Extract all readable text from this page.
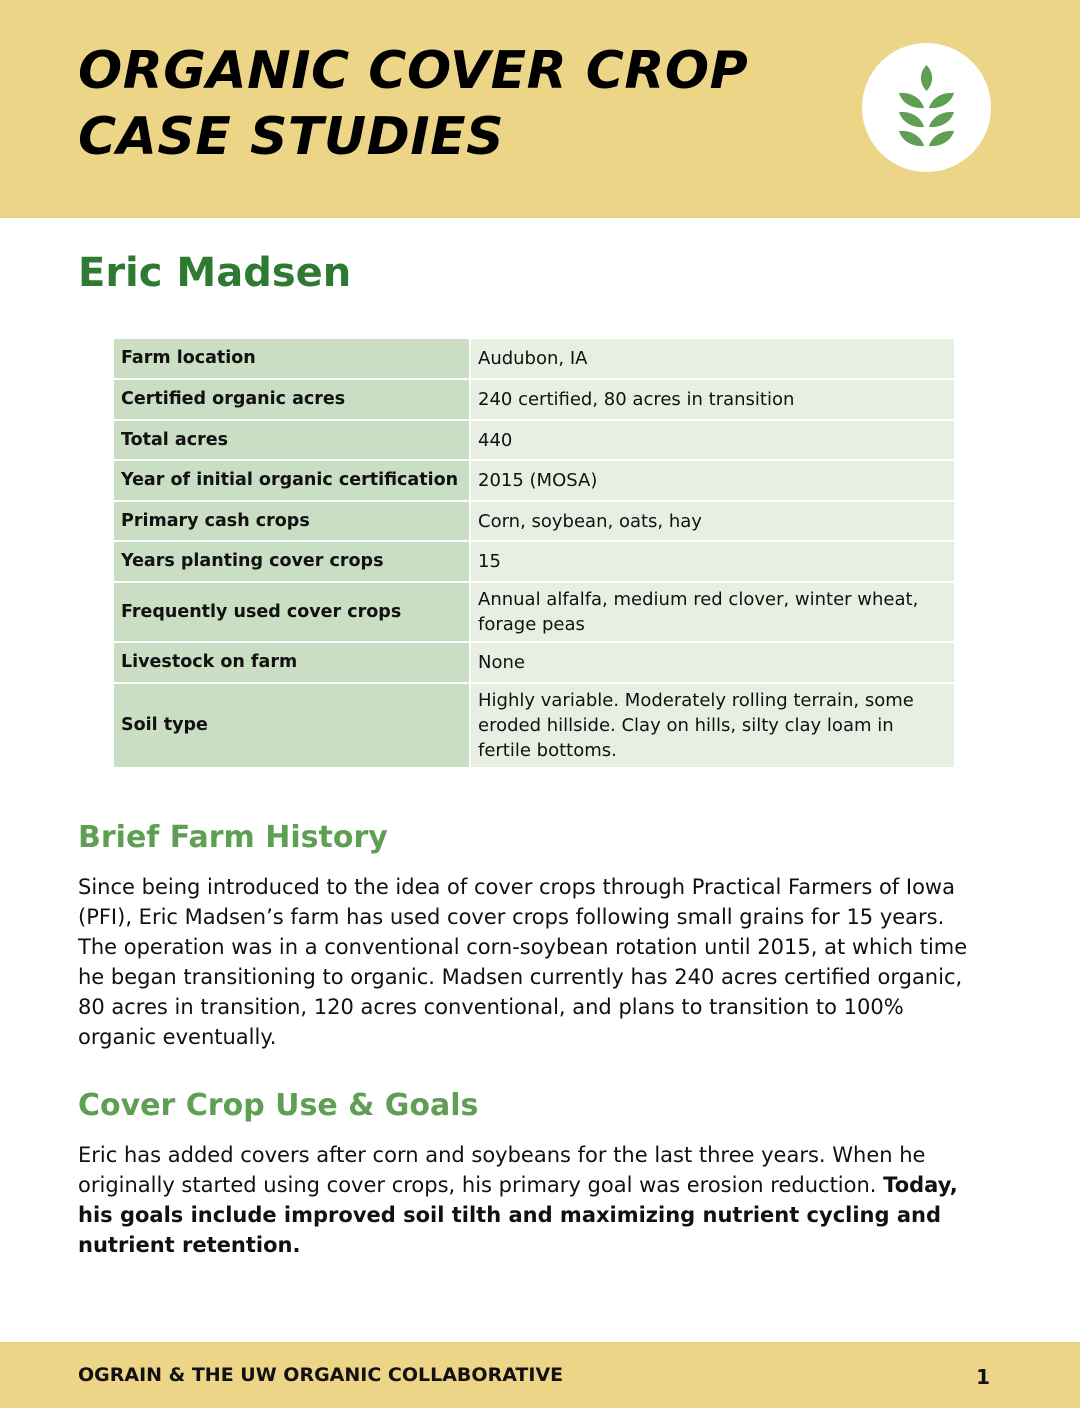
ORGANIC COVER CROP
CASE STUDIES
Eric Madsen
Farm location	Audubon, IA
Certified organic acres	240 certified, 80 acres in transition
Total acres	440
Year of initial organic certification	2015 (MOSA)
Primary cash crops	Corn, soybean, oats, hay
Years planting cover crops	15
Frequently used cover crops	Annual alfalfa, medium red clover, winter wheat, forage peas
Livestock on farm	None
Soil type	Highly variable. Moderately rolling terrain, some eroded hillside. Clay on hills, silty clay loam in fertile bottoms.
Brief Farm History

Since being introduced to the idea of cover crops through Practical Farmers of Iowa (PFI), Eric Madsen’s farm has used cover crops following small grains for 15 years. The operation was in a conventional corn-soybean rotation until 2015, at which time he began transitioning to organic. Madsen currently has 240 acres certified organic, 80 acres in transition, 120 acres conventional, and plans to transition to 100% organic eventually.

Cover Crop Use & Goals

Eric has added covers after corn and soybeans for the last three years. When he originally started using cover crops, his primary goal was erosion reduction. Today, his goals include improved soil tilth and maximizing nutrient cycling and nutrient retention.

OGRAIN & THE UW ORGANIC COLLABORATIVE	1
